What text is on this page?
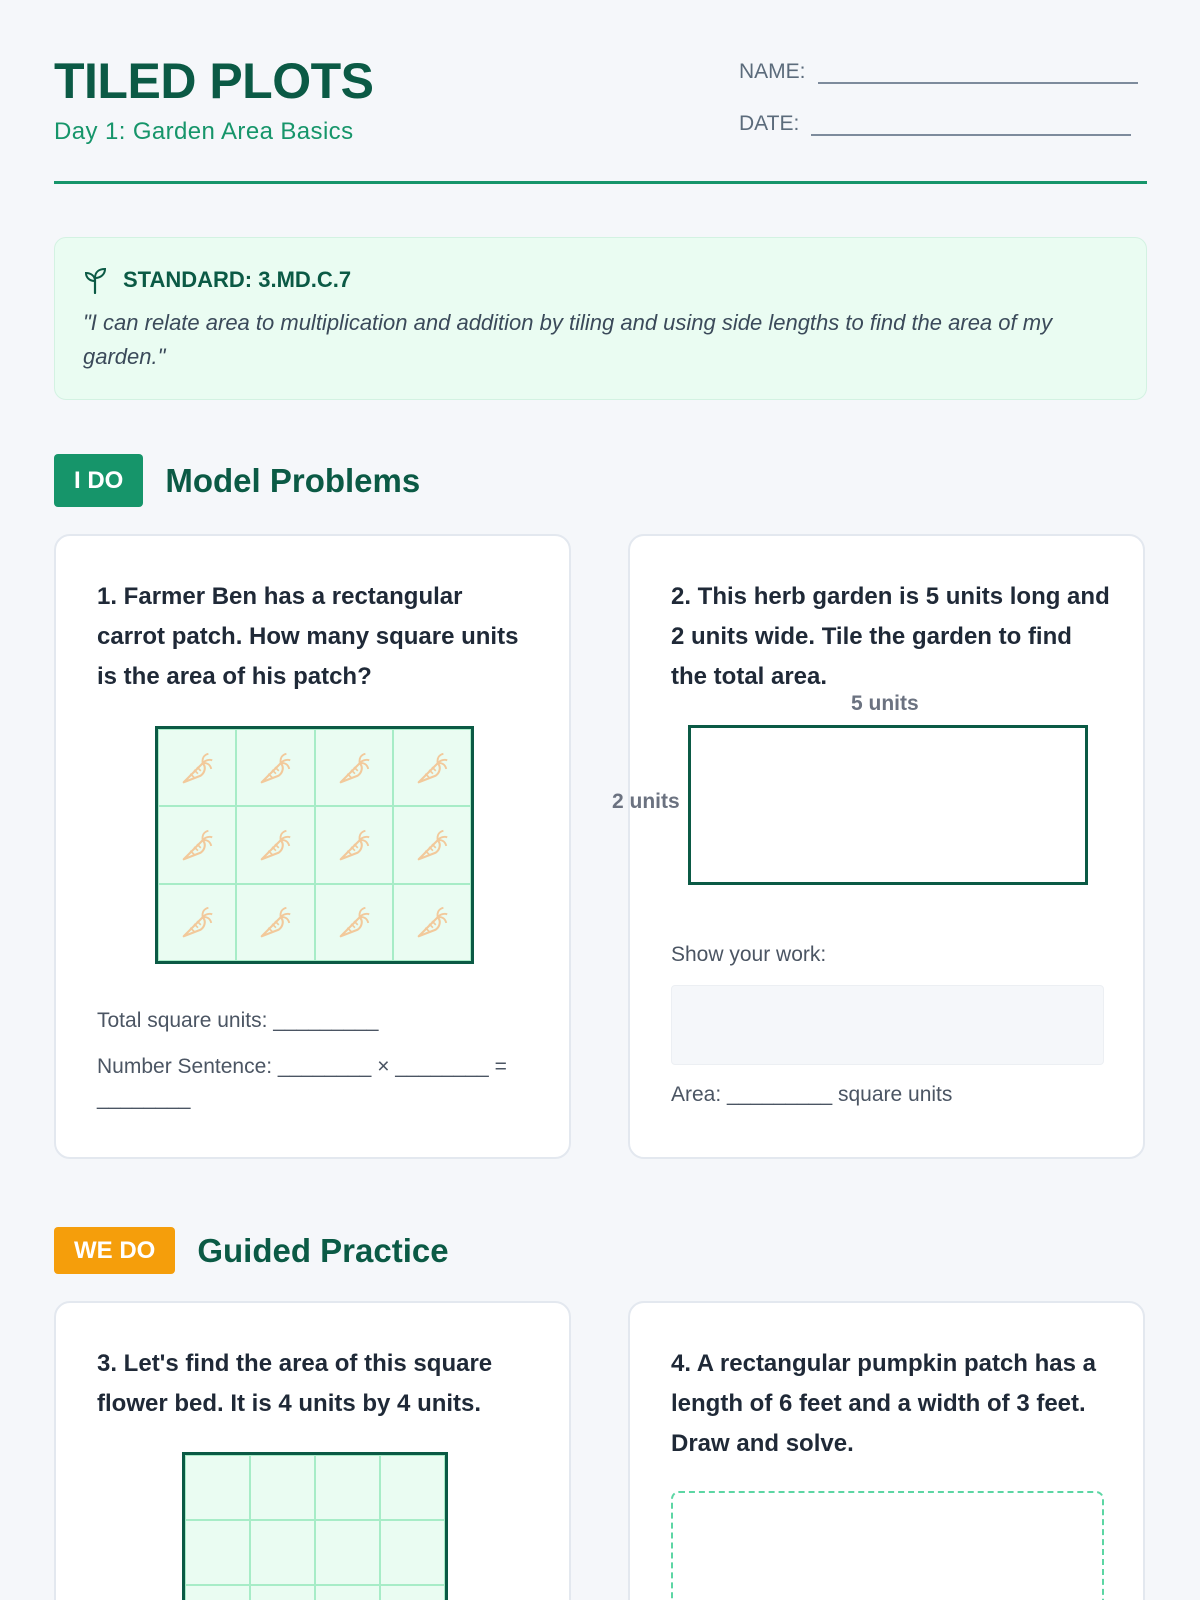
TILED PLOTS
Day 1: Garden Area Basics
NAME:
DATE:
STANDARD: 3.MD.C.7
"I can relate area to multiplication and addition by tiling and using side lengths to find the area of my garden."
I DO	Model Problems
1. Farmer Ben has a rectangular carrot patch. How many square units is the area of his patch?
Total square units: _________
Number Sentence: ________ × ________ = ________
2. This herb garden is 5 units long and 2 units wide. Tile the garden to find the total area.
5 units
2 units
Show your work:
Area: _________ square units
WE DO	Guided Practice
3. Let's find the area of this square flower bed. It is 4 units by 4 units.
4. A rectangular pumpkin patch has a length of 6 feet and a width of 3 feet. Draw and solve.
